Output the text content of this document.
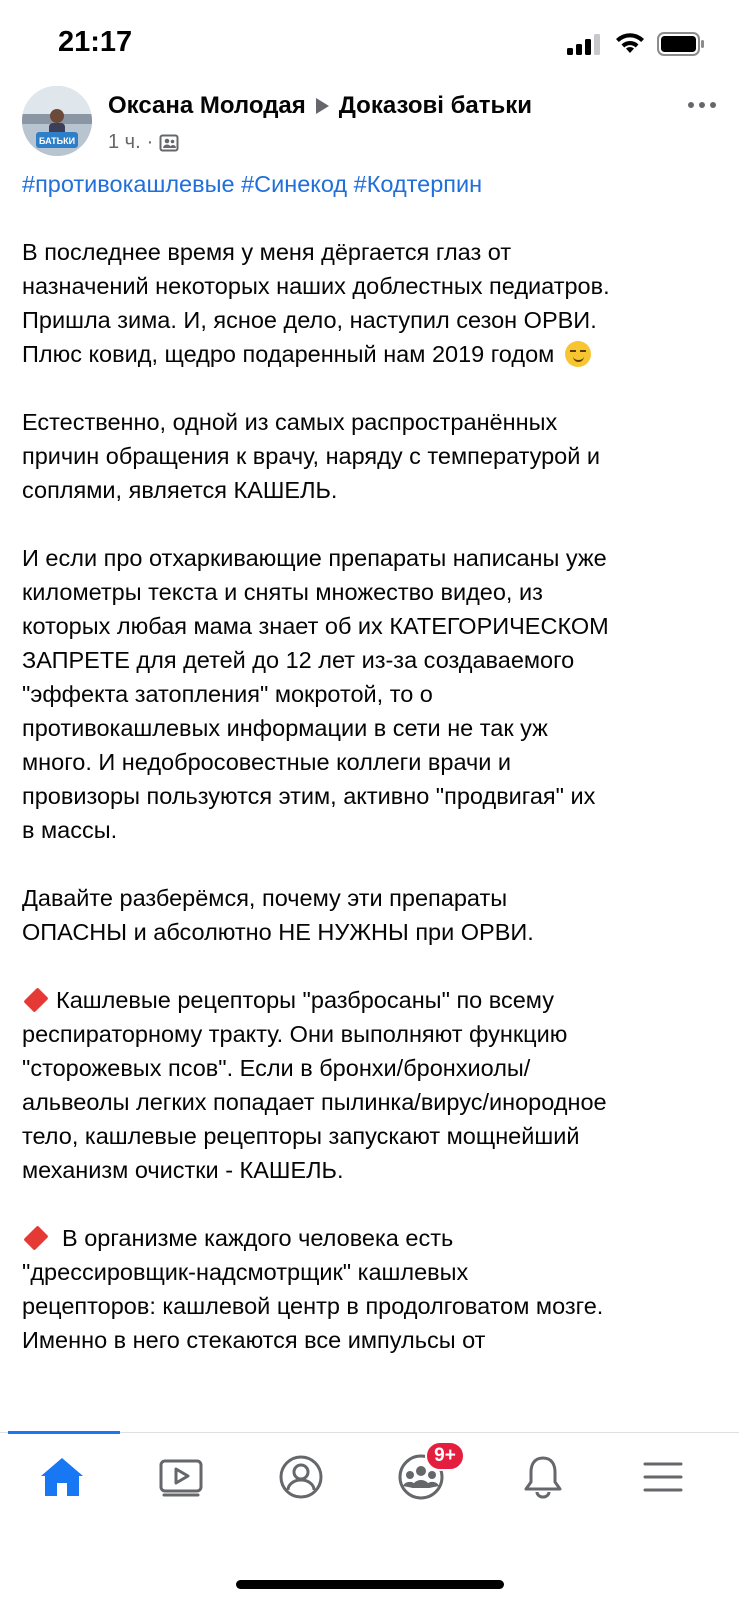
21:17
БАТЬКИ
Оксана Молодая Доказові батьки
1 ч. ·
#противокашлевые #Синекод #Кодтерпин
В последнее время у меня дёргается глаз от
назначений некоторых наших доблестных педиатров.
Пришла зима. И, ясное дело, наступил сезон ОРВИ.
Плюс ковид, щедро подаренный нам 2019 годом
Естественно, одной из самых распространённых
причин обращения к врачу, наряду с температурой и
соплями, является КАШЕЛЬ.
И если про отхаркивающие препараты написаны уже
километры текста и сняты множество видео, из
которых любая мама знает об их КАТЕГОРИЧЕСКОМ
ЗАПРЕТЕ для детей до 12 лет из-за создаваемого
"эффекта затопления" мокротой, то о
противокашлевых информации в сети не так уж
много. И недобросовестные коллеги врачи и
провизоры пользуются этим, активно "продвигая" их
в массы.
Давайте разберёмся, почему эти препараты
ОПАСНЫ и абсолютно НЕ НУЖНЫ при ОРВИ.
Кашлевые рецепторы "разбросаны" по всему
респираторному тракту. Они выполняют функцию
"сторожевых псов". Если в бронхи/бронхиолы/
альвеолы легких попадает пылинка/вирус/инородное
тело, кашлевые рецепторы запускают мощнейший
механизм очистки - КАШЕЛЬ.
В организме каждого человека есть
"дрессировщик-надсмотрщик" кашлевых
рецепторов: кашлевой центр в продолговатом мозге.
Именно в него стекаются все импульсы от
9+
